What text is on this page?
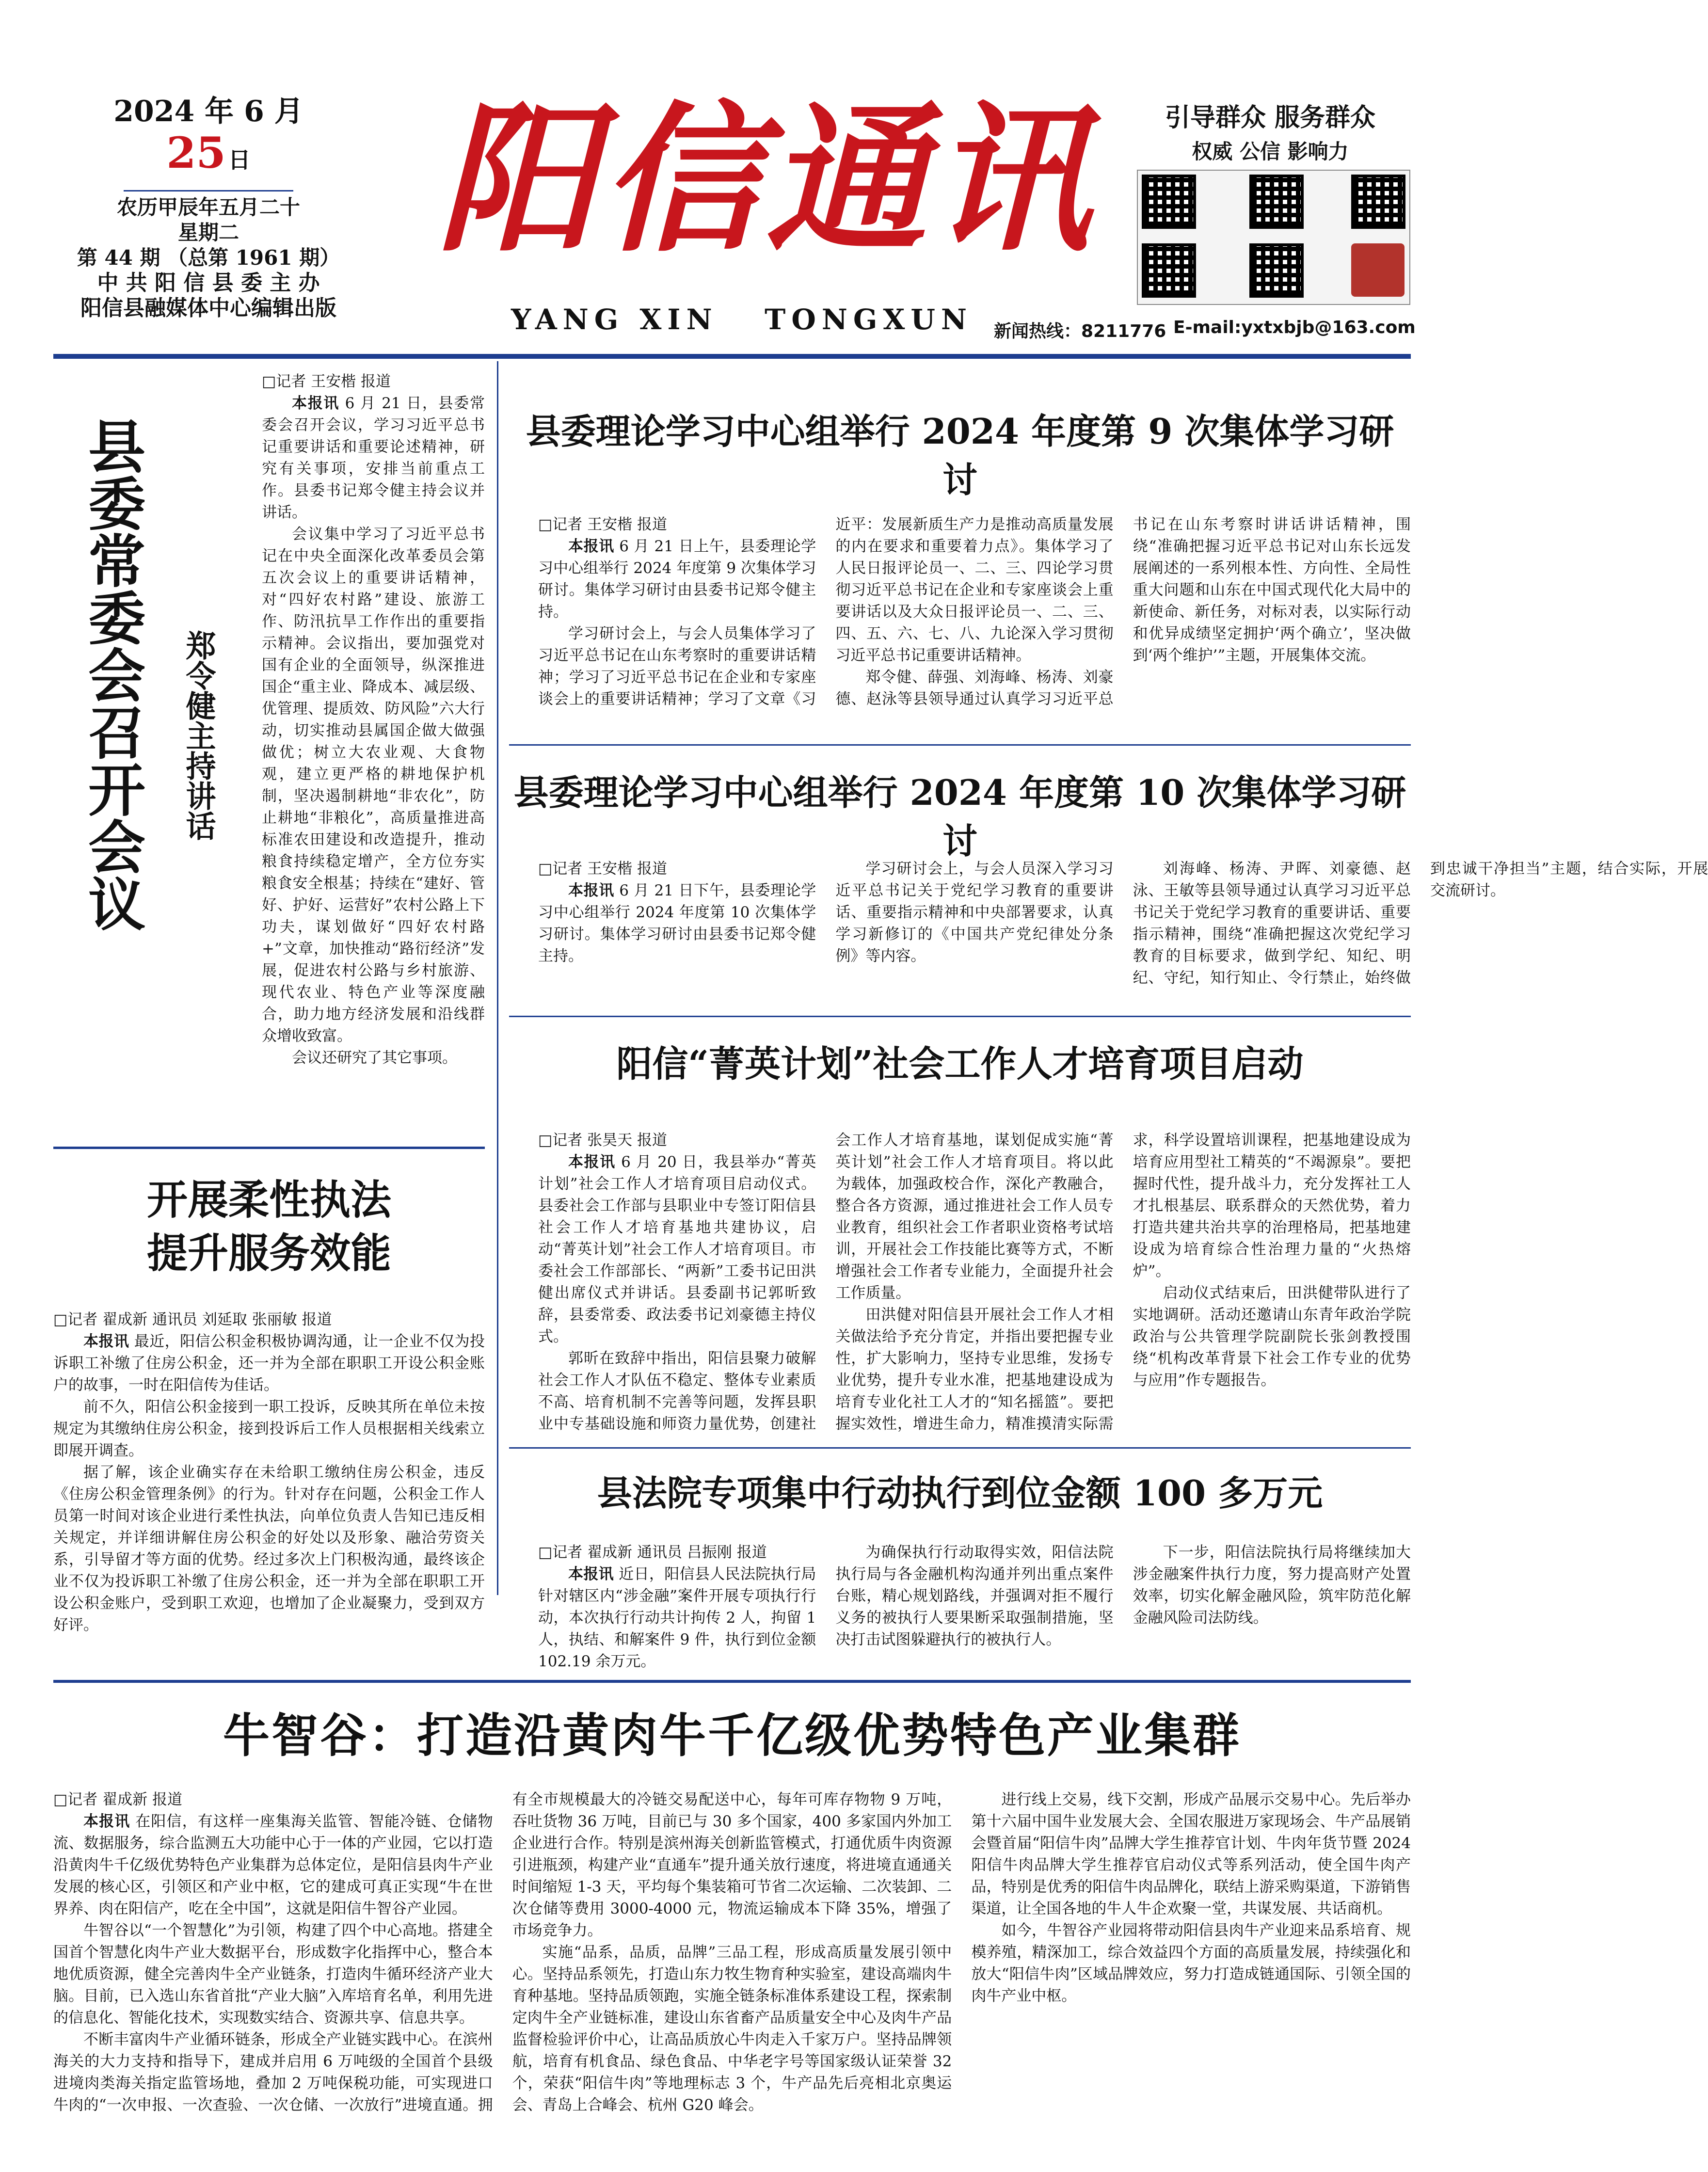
2024 年 6 月
25 日
农历甲辰年五月二十
星期二
第 44 期 （总第 1961 期）
中 共 阳 信 县 委 主 办
阳信县融媒体中心编辑出版
阳信通讯
YANG XIN   TONGXUN
引导群众 服务群众
权威 公信 影响力
新闻热线：8211776 E-mail:yxtxbjb@163.com
县委常委会召开会议 郑令健主持讲话

□记者 王安楷 报道

本报讯 6 月 21 日，县委常委会召开会议，学习习近平总书记重要讲话和重要论述精神，研究有关事项，安排当前重点工作。县委书记郑令健主持会议并讲话。

会议集中学习了习近平总书记在中央全面深化改革委员会第五次会议上的重要讲话精神，对“四好农村路”建设、旅游工作、防汛抗旱工作作出的重要指示精神。会议指出，要加强党对国有企业的全面领导，纵深推进国企“重主业、降成本、减层级、优管理、提质效、防风险”六大行动，切实推动县属国企做大做强做优；树立大农业观、大食物观，建立更严格的耕地保护机制，坚决遏制耕地“非农化”，防止耕地“非粮化”，高质量推进高标准农田建设和改造提升，推动粮食持续稳定增产，全方位夯实粮食安全根基；持续在“建好、管好、护好、运营好”农村公路上下功夫，谋划做好“四好农村路 +”文章，加快推动“路衍经济”发展，促进农村公路与乡村旅游、现代农业、特色产业等深度融合，助力地方经济发展和沿线群众增收致富。

会议还研究了其它事项。

开展柔性执法
提升服务效能

□记者 翟成新 通讯员 刘延取 张丽敏 报道

本报讯 最近，阳信公积金积极协调沟通，让一企业不仅为投诉职工补缴了住房公积金，还一并为全部在职职工开设公积金账户的故事，一时在阳信传为佳话。

前不久，阳信公积金接到一职工投诉，反映其所在单位未按规定为其缴纳住房公积金，接到投诉后工作人员根据相关线索立即展开调查。

据了解，该企业确实存在未给职工缴纳住房公积金，违反《住房公积金管理条例》的行为。针对存在问题，公积金工作人员第一时间对该企业进行柔性执法，向单位负责人告知已违反相关规定，并详细讲解住房公积金的好处以及形象、融洽劳资关系，引导留才等方面的优势。经过多次上门积极沟通，最终该企业不仅为投诉职工补缴了住房公积金，还一并为全部在职职工开设公积金账户，受到职工欢迎，也增加了企业凝聚力，受到双方好评。

县委理论学习中心组举行 2024 年度第 9 次集体学习研讨

□记者 王安楷 报道

本报讯 6 月 21 日上午，县委理论学习中心组举行 2024 年度第 9 次集体学习研讨。集体学习研讨由县委书记郑令健主持。

学习研讨会上，与会人员集体学习了习近平总书记在山东考察时的重要讲话精神；学习了习近平总书记在企业和专家座谈会上的重要讲话精神；学习了文章《习近平：发展新质生产力是推动高质量发展的内在要求和重要着力点》。集体学习了人民日报评论员一、二、三、四论学习贯彻习近平总书记在企业和专家座谈会上重要讲话以及大众日报评论员一、二、三、四、五、六、七、八、九论深入学习贯彻习近平总书记重要讲话精神。

郑令健、薛强、刘海峰、杨涛、刘豪德、赵泳等县领导通过认真学习习近平总书记在山东考察时讲话讲话精神，围绕“准确把握习近平总书记对山东长远发展阐述的一系列根本性、方向性、全局性重大问题和山东在中国式现代化大局中的新使命、新任务，对标对表，以实际行动和优异成绩坚定拥护‘两个确立’，坚决做到‘两个维护’”主题，开展集体交流。

县委理论学习中心组举行 2024 年度第 10 次集体学习研讨

□记者 王安楷 报道

本报讯 6 月 21 日下午，县委理论学习中心组举行 2024 年度第 10 次集体学习研讨。集体学习研讨由县委书记郑令健主持。

学习研讨会上，与会人员深入学习习近平总书记关于党纪学习教育的重要讲话、重要指示精神和中央部署要求，认真学习新修订的《中国共产党纪律处分条例》等内容。

刘海峰、杨涛、尹晖、刘豪德、赵泳、王敏等县领导通过认真学习习近平总书记关于党纪学习教育的重要讲话、重要指示精神，围绕“准确把握这次党纪学习教育的目标要求，做到学纪、知纪、明纪、守纪，知行知止、令行禁止，始终做到忠诚干净担当”主题，结合实际，开展交流研讨。

阳信“菁英计划”社会工作人才培育项目启动

□记者 张昊天 报道

本报讯 6 月 20 日，我县举办“菁英计划”社会工作人才培育项目启动仪式。县委社会工作部与县职业中专签订阳信县社会工作人才培育基地共建协议，启动“菁英计划”社会工作人才培育项目。市委社会工作部部长、“两新”工委书记田洪健出席仪式并讲话。县委副书记郭昕致辞，县委常委、政法委书记刘豪德主持仪式。

郭昕在致辞中指出，阳信县聚力破解社会工作人才队伍不稳定、整体专业素质不高、培育机制不完善等问题，发挥县职业中专基础设施和师资力量优势，创建社会工作人才培育基地，谋划促成实施“菁英计划”社会工作人才培育项目。将以此为载体，加强政校合作，深化产教融合，整合各方资源，通过推进社会工作人员专业教育，组织社会工作者职业资格考试培训，开展社会工作技能比赛等方式，不断增强社会工作者专业能力，全面提升社会工作质量。

田洪健对阳信县开展社会工作人才相关做法给予充分肯定，并指出要把握专业性，扩大影响力，坚持专业思维，发扬专业优势，提升专业水准，把基地建设成为培育专业化社工人才的“知名摇篮”。要把握实效性，增进生命力，精准摸清实际需求，科学设置培训课程，把基地建设成为培育应用型社工精英的“不竭源泉”。要把握时代性，提升战斗力，充分发挥社工人才扎根基层、联系群众的天然优势，着力打造共建共治共享的治理格局，把基地建设成为培育综合性治理力量的“火热熔炉”。

启动仪式结束后，田洪健带队进行了实地调研。活动还邀请山东青年政治学院政治与公共管理学院副院长张剑教授围绕“机构改革背景下社会工作专业的优势与应用”作专题报告。

县法院专项集中行动执行到位金额 100 多万元

□记者 翟成新 通讯员 吕振刚 报道

本报讯 近日，阳信县人民法院执行局针对辖区内“涉金融”案件开展专项执行行动，本次执行行动共计拘传 2 人，拘留 1 人，执结、和解案件 9 件，执行到位金额 102.19 余万元。

为确保执行行动取得实效，阳信法院执行局与各金融机构沟通并列出重点案件台账，精心规划路线，并强调对拒不履行义务的被执行人要果断采取强制措施，坚决打击试图躲避执行的被执行人。

下一步，阳信法院执行局将继续加大涉金融案件执行力度，努力提高财产处置效率，切实化解金融风险，筑牢防范化解金融风险司法防线。

牛智谷：打造沿黄肉牛千亿级优势特色产业集群

□记者 翟成新 报道

本报讯 在阳信，有这样一座集海关监管、智能冷链、仓储物流、数据服务，综合监测五大功能中心于一体的产业园，它以打造沿黄肉牛千亿级优势特色产业集群为总体定位，是阳信县肉牛产业发展的核心区，引领区和产业中枢，它的建成可真正实现“牛在世界养、肉在阳信产，吃在全中国”，这就是阳信牛智谷产业园。

牛智谷以“一个智慧化”为引领，构建了四个中心高地。搭建全国首个智慧化肉牛产业大数据平台，形成数字化指挥中心，整合本地优质资源，健全完善肉牛全产业链条，打造肉牛循环经济产业大脑。目前，已入选山东省首批“产业大脑”入库培育名单，利用先进的信息化、智能化技术，实现数实结合、资源共享、信息共享。

不断丰富肉牛产业循环链条，形成全产业链实践中心。在滨州海关的大力支持和指导下，建成并启用 6 万吨级的全国首个县级进境肉类海关指定监管场地，叠加 2 万吨保税功能，可实现进口牛肉的“一次申报、一次查验、一次仓储、一次放行”进境直通。拥有全市规模最大的冷链交易配送中心，每年可库存物物 9 万吨，吞吐货物 36 万吨，目前已与 30 多个国家，400 多家国内外加工企业进行合作。特别是滨州海关创新监管模式，打通优质牛肉资源引进瓶颈，构建产业“直通车”提升通关放行速度，将进境直通通关时间缩短 1-3 天，平均每个集装箱可节省二次运输、二次装卸、二次仓储等费用 3000-4000 元，物流运输成本下降 35%，增强了市场竞争力。

实施“品系，品质，品牌”三品工程，形成高质量发展引领中心。坚持品系领先，打造山东力牧生物育种实验室，建设高端肉牛育种基地。坚持品质领跑，实施全链条标准体系建设工程，探索制定肉牛全产业链标准，建设山东省畜产品质量安全中心及肉牛产品监督检验评价中心，让高品质放心牛肉走入千家万户。坚持品牌领航，培育有机食品、绿色食品、中华老字号等国家级认证荣誉 32 个，荣获“阳信牛肉”等地理标志 3 个，牛产品先后亮相北京奥运会、青岛上合峰会、杭州 G20 峰会。

进行线上交易，线下交割，形成产品展示交易中心。先后举办第十六届中国牛业发展大会、全国农服进万家现场会、牛产品展销会暨首届“阳信牛肉”品牌大学生推荐官计划、牛肉年货节暨 2024 阳信牛肉品牌大学生推荐官启动仪式等系列活动，使全国牛肉产品，特别是优秀的阳信牛肉品牌化，联结上游采购渠道，下游销售渠道，让全国各地的牛人牛企欢聚一堂，共谋发展、共话商机。

如今，牛智谷产业园将带动阳信县肉牛产业迎来品系培育、规模养殖，精深加工，综合效益四个方面的高质量发展，持续强化和放大“阳信牛肉”区域品牌效应，努力打造成链通国际、引领全国的肉牛产业中枢。
